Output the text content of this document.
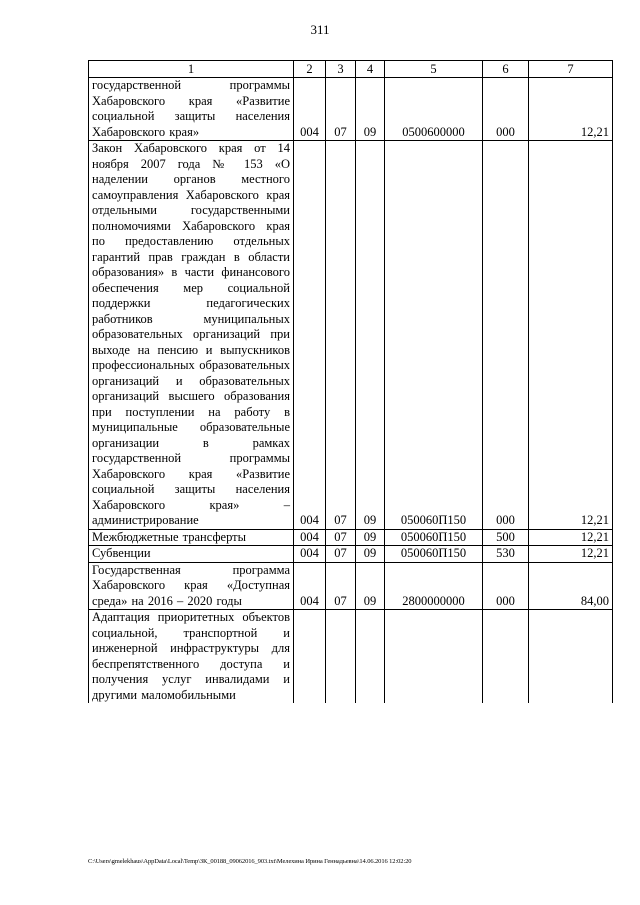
311
1	2	3	4	5	6	7
государственной программы Хабаровского края «Развитие социальной защиты населения Хабаровского края»	004	07	09	0500600000	000	12,21
Закон Хабаровского края от 14 ноября 2007 года № 153 «О наделении органов местного самоуправления Хабаровского края отдельными государственными полномочиями Хабаровского края по предоставлению отдельных гарантий прав граждан в области образования» в части финансового обеспечения мер социальной поддержки педагогических работников муниципальных образовательных организаций при выходе на пенсию и выпускников профессиональных образовательных организаций и образовательных организаций высшего образования при поступлении на работу в муниципальные образовательные организации в рамках государственной программы Хабаровского края «Развитие социальной защиты населения Хабаровского края» – администрирование	004	07	09	050060П150	000	12,21
Межбюджетные трансферты	004	07	09	050060П150	500	12,21
Субвенции	004	07	09	050060П150	530	12,21
Государственная программа Хабаровского края «Доступная среда» на 2016 – 2020 годы	004	07	09	2800000000	000	84,00
Адаптация приоритетных объектов социальной, транспортной и инженерной инфраструктуры для беспрепятственного доступа и получения услуг инвалидами и другими маломобильными						
C:\Users\gmelekhaus\AppData\Local\Temp\ЗК_00188_09062016_903.txt\Мелехина Ирина Геннадьевна\14.06.2016 12:02:20
